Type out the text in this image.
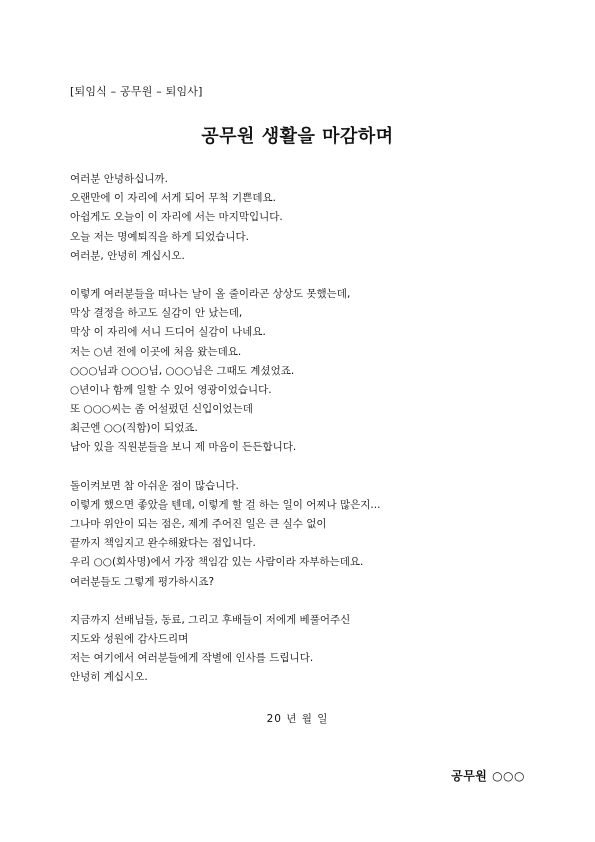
[퇴임식 – 공무원 – 퇴임사]
공무원 생활을 마감하며
여러분 안녕하십니까.
오랜만에 이 자리에 서게 되어 무척 기쁜데요.
아쉽게도 오늘이 이 자리에 서는 마지막입니다.
오늘 저는 명예퇴직을 하게 되었습니다.
여러분, 안녕히 계십시오.
이렇게 여러분들을 떠나는 날이 올 줄이라곤 상상도 못했는데,
막상 결정을 하고도 실감이 안 났는데,
막상 이 자리에 서니 드디어 실감이 나네요.
저는 ○년 전에 이곳에 처음 왔는데요.
○○○님과 ○○○님, ○○○님은 그때도 계셨었죠.
○년이나 함께 일할 수 있어 영광이었습니다.
또 ○○○씨는 좀 어설펐던 신입이었는데
최근엔 ○○(직함)이 되었죠.
남아 있을 직원분들을 보니 제 마음이 든든합니다.
돌이켜보면 참 아쉬운 점이 많습니다.
이렇게 했으면 좋았을 텐데, 이렇게 할 걸 하는 일이 어찌나 많은지...
그나마 위안이 되는 점은, 제게 주어진 일은 큰 실수 없이
끝까지 책임지고 완수해왔다는 점입니다.
우리 ○○(회사명)에서 가장 책임감 있는 사람이라 자부하는데요.
여러분들도 그렇게 평가하시죠?
지금까지 선배님들, 동료, 그리고 후배들이 저에게 베풀어주신
지도와 성원에 감사드리며
저는 여기에서 여러분들에게 작별에 인사를 드립니다.
안녕히 계십시오.
20 년 월 일
공무원 ○○○
